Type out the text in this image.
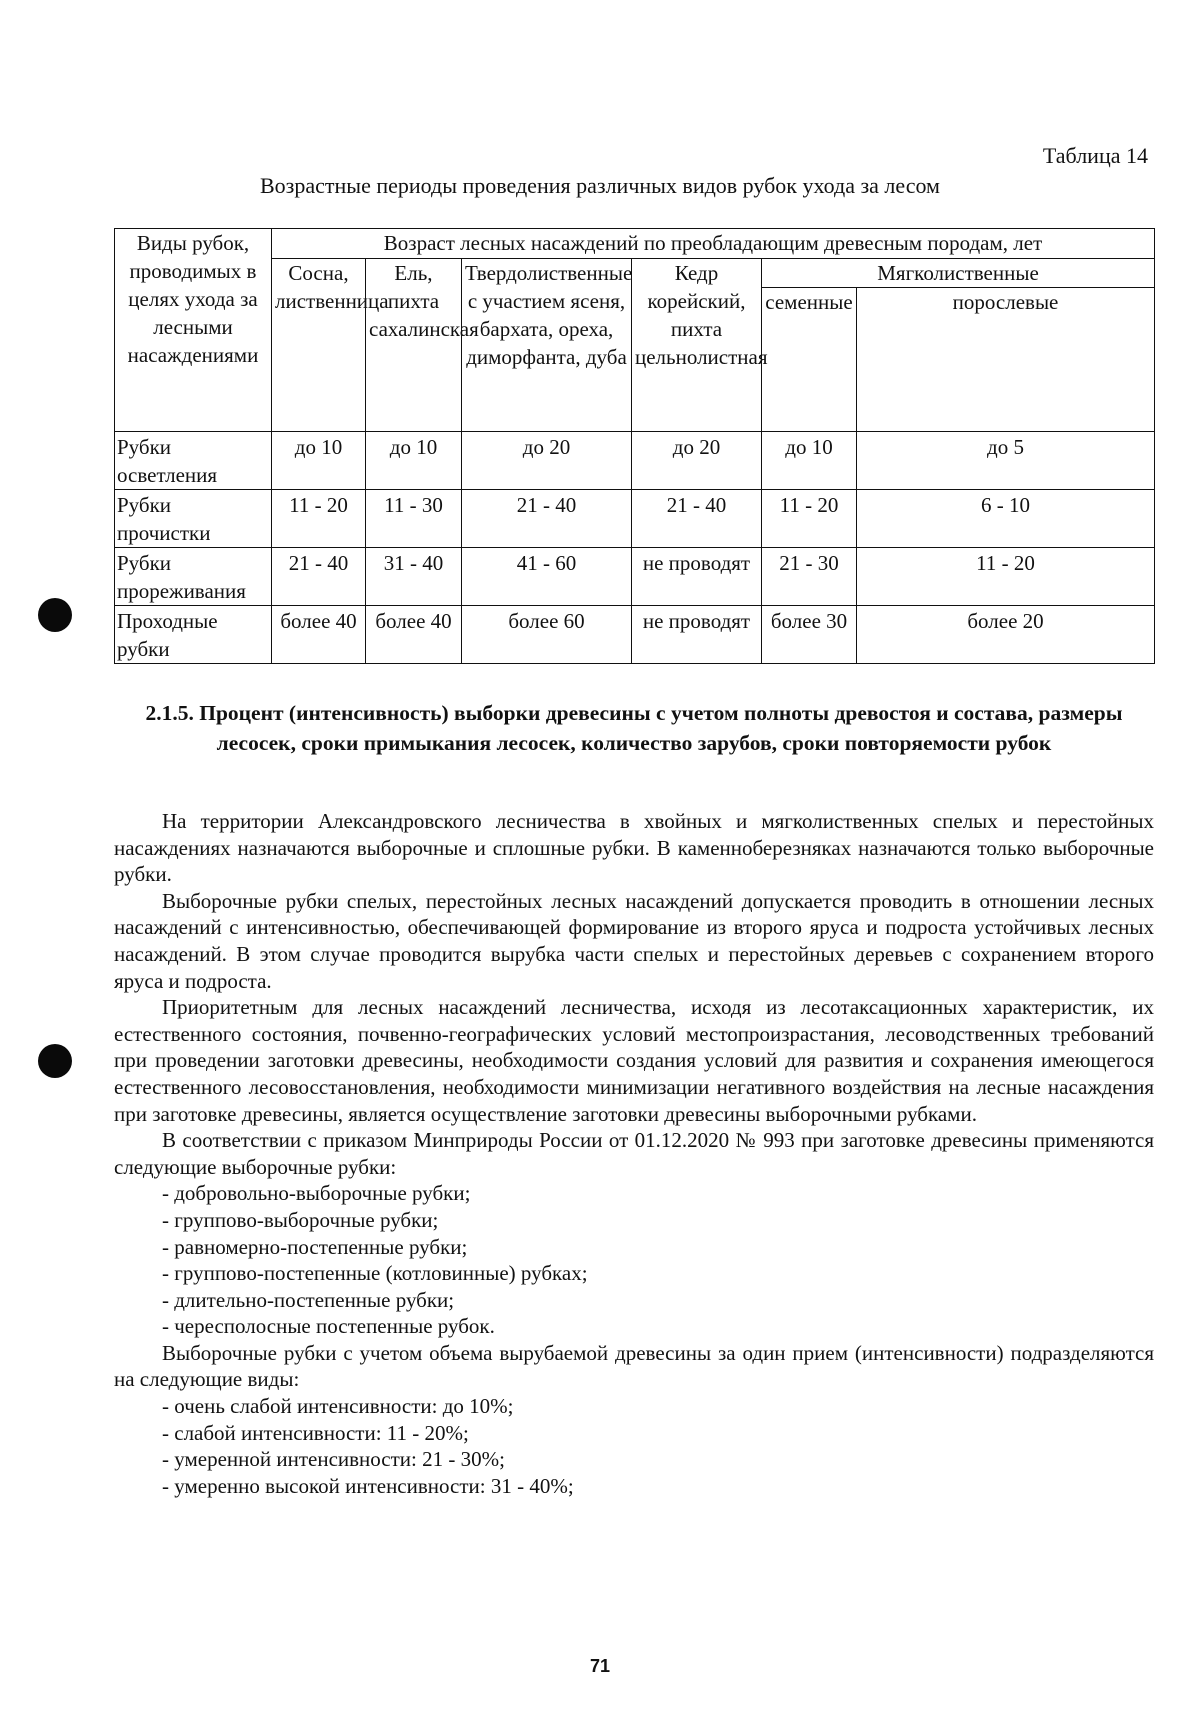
Таблица 14
Возрастные периоды проведения различных видов рубок ухода за лесом
Виды рубок, проводимых в целях ухода за лесными насаждениями	Возраст лесных насаждений по преобладающим древесным породам, лет					
	Сосна, лиственница	Ель, пихта сахалинская	Твердолиственные с участием ясеня, бархата, ореха, диморфанта, дуба	Кедр корейский, пихта цельнолистная	Мягколиственные	
					семенные	порослевые
Рубки осветления	до 10	до 10	до 20	до 20	до 10	до 5
Рубки прочистки	11 - 20	11 - 30	21 - 40	21 - 40	11 - 20	6 - 10
Рубки прореживания	21 - 40	31 - 40	41 - 60	не проводят	21 - 30	11 - 20
Проходные рубки	более 40	более 40	более 60	не проводят	более 30	более 20
2.1.5. Процент (интенсивность) выборки древесины с учетом полноты древостоя и состава, размеры лесосек, сроки примыкания лесосек, количество зарубов, сроки повторяемости рубок

На территории Александровского лесничества в хвойных и мягколиственных спелых и перестойных насаждениях назначаются выборочные и сплошные рубки. В каменноберезняках назначаются только выборочные рубки.

Выборочные рубки спелых, перестойных лесных насаждений допускается проводить в отношении лесных насаждений с интенсивностью, обеспечивающей формирование из второго яруса и подроста устойчивых лесных насаждений. В этом случае проводится вырубка части спелых и перестойных деревьев с сохранением второго яруса и подроста.

Приоритетным для лесных насаждений лесничества, исходя из лесотаксационных характеристик, их естественного состояния, почвенно-географических условий местопроизрастания, лесоводственных требований при проведении заготовки древесины, необходимости создания условий для развития и сохранения имеющегося естественного лесовосстановления, необходимости минимизации негативного воздействия на лесные насаждения при заготовке древесины, является осуществление заготовки древесины выборочными рубками.

В соответствии с приказом Минприроды России от 01.12.2020 № 993 при заготовке древесины применяются следующие выборочные рубки:

- добровольно-выборочные рубки;
- группово-выборочные рубки;
- равномерно-постепенные рубки;
- группово-постепенные (котловинные) рубках;
- длительно-постепенные рубки;
- чересполосные постепенные рубок.

Выборочные рубки с учетом объема вырубаемой древесины за один прием (интенсивности) подразделяются на следующие виды:

- очень слабой интенсивности: до 10%;
- слабой интенсивности: 11 - 20%;
- умеренной интенсивности: 21 - 30%;
- умеренно высокой интенсивности: 31 - 40%;
71
